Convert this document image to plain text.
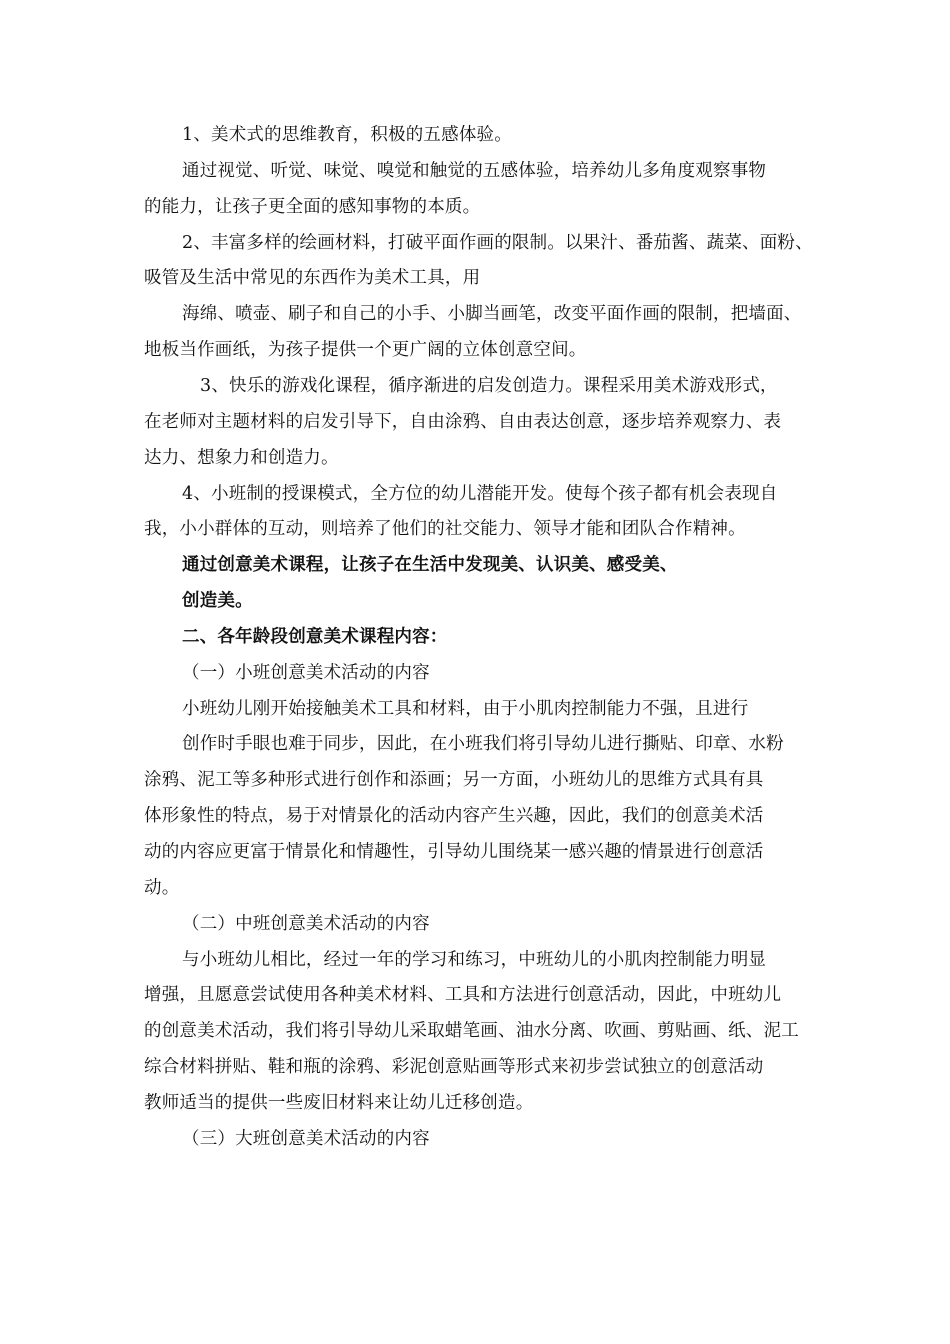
1、美术式的思维教育，积极的五感体验。
通过视觉、听觉、味觉、嗅觉和触觉的五感体验，培养幼儿多角度观察事物
的能力，让孩子更全面的感知事物的本质。
2、丰富多样的绘画材料，打破平面作画的限制。以果汁、番茄酱、蔬菜、面粉、
吸管及生活中常见的东西作为美术工具，用
海绵、喷壶、刷子和自己的小手、小脚当画笔，改变平面作画的限制，把墙面、
地板当作画纸，为孩子提供一个更广阔的立体创意空间。
3、快乐的游戏化课程，循序渐进的启发创造力。课程采用美术游戏形式，
在老师对主题材料的启发引导下，自由涂鸦、自由表达创意，逐步培养观察力、表
达力、想象力和创造力。
4、小班制的授课模式，全方位的幼儿潜能开发。使每个孩子都有机会表现自
我，小小群体的互动，则培养了他们的社交能力、领导才能和团队合作精神。
通过创意美术课程，让孩子在生活中发现美、认识美、感受美、
创造美。
二、各年龄段创意美术课程内容：
（一）小班创意美术活动的内容
小班幼儿刚开始接触美术工具和材料，由于小肌肉控制能力不强，且进行
创作时手眼也难于同步，因此，在小班我们将引导幼儿进行撕贴、印章、水粉
涂鸦、泥工等多种形式进行创作和添画；另一方面，小班幼儿的思维方式具有具
体形象性的特点，易于对情景化的活动内容产生兴趣，因此，我们的创意美术活
动的内容应更富于情景化和情趣性，引导幼儿围绕某一感兴趣的情景进行创意活
动。
（二）中班创意美术活动的内容
与小班幼儿相比，经过一年的学习和练习，中班幼儿的小肌肉控制能力明显
增强，且愿意尝试使用各种美术材料、工具和方法进行创意活动，因此，中班幼儿
的创意美术活动，我们将引导幼儿采取蜡笔画、油水分离、吹画、剪贴画、纸、泥工
综合材料拼贴、鞋和瓶的涂鸦、彩泥创意贴画等形式来初步尝试独立的创意活动
教师适当的提供一些废旧材料来让幼儿迁移创造。
（三）大班创意美术活动的内容
